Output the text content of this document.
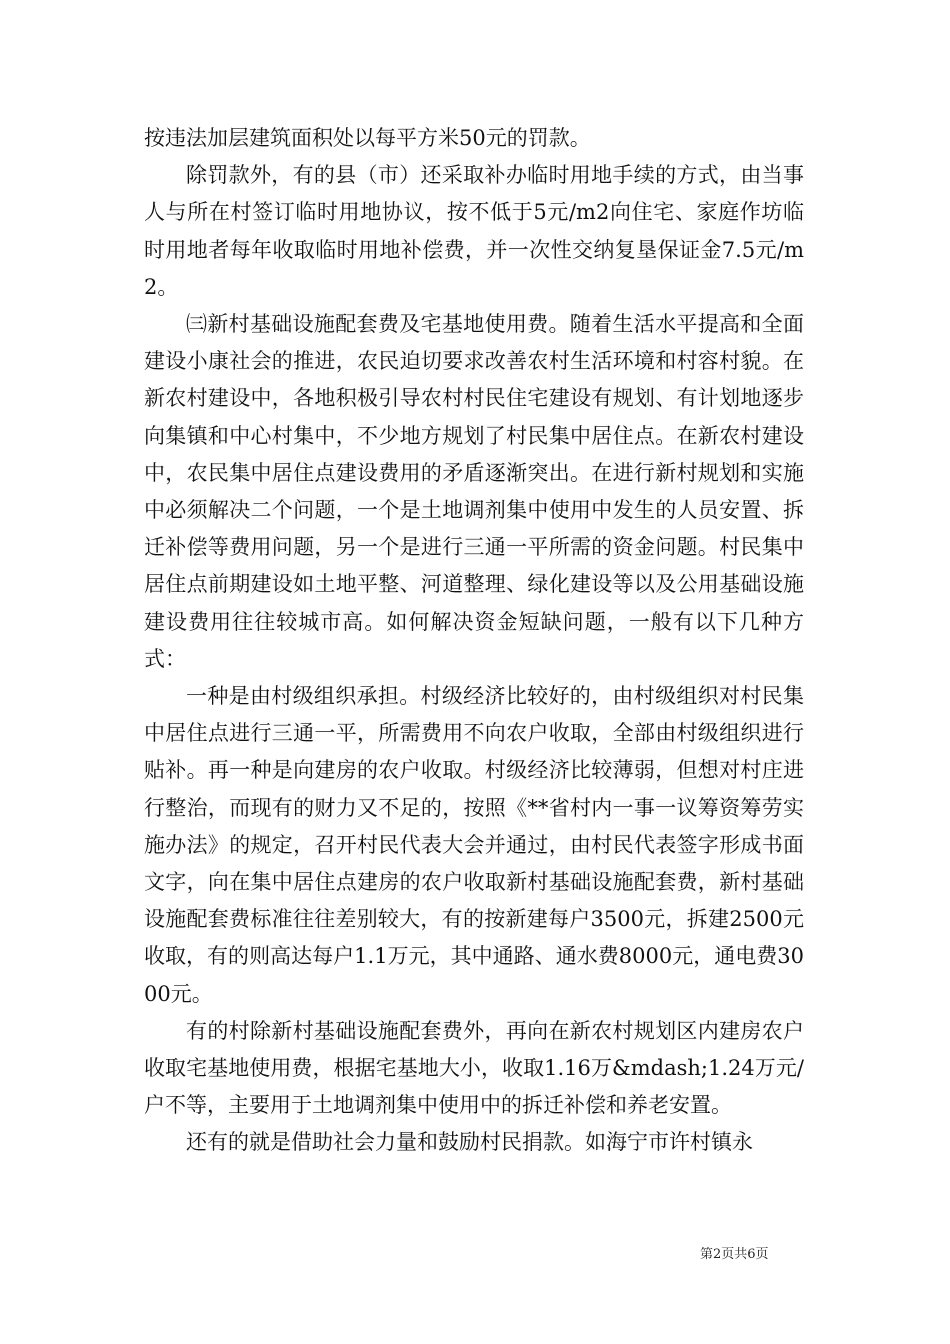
按违法加层建筑面积处以每平方米50元的罚款。

除罚款外，有的县（市）还采取补办临时用地手续的方式，由当事人与所在村签订临时用地协议，按不低于5元/m2向住宅、家庭作坊临时用地者每年收取临时用地补偿费，并一次性交纳复垦保证金7.5元/m2。

㈢新村基础设施配套费及宅基地使用费。随着生活水平提高和全面建设小康社会的推进，农民迫切要求改善农村生活环境和村容村貌。在新农村建设中，各地积极引导农村村民住宅建设有规划、有计划地逐步向集镇和中心村集中，不少地方规划了村民集中居住点。在新农村建设中，农民集中居住点建设费用的矛盾逐渐突出。在进行新村规划和实施中必须解决二个问题，一个是土地调剂集中使用中发生的人员安置、拆迁补偿等费用问题，另一个是进行三通一平所需的资金问题。村民集中居住点前期建设如土地平整、河道整理、绿化建设等以及公用基础设施建设费用往往较城市高。如何解决资金短缺问题，一般有以下几种方式：

一种是由村级组织承担。村级经济比较好的，由村级组织对村民集中居住点进行三通一平，所需费用不向农户收取，全部由村级组织进行贴补。再一种是向建房的农户收取。村级经济比较薄弱，但想对村庄进行整治，而现有的财力又不足的，按照《**省村内一事一议筹资筹劳实施办法》的规定，召开村民代表大会并通过，由村民代表签字形成书面文字，向在集中居住点建房的农户收取新村基础设施配套费，新村基础设施配套费标准往往差别较大，有的按新建每户3500元，拆建2500元收取，有的则高达每户1.1万元，其中通路、通水费8000元，通电费3000元。

有的村除新村基础设施配套费外，再向在新农村规划区内建房农户收取宅基地使用费，根据宅基地大小，收取1.16万&mdash;1.24万元/户不等，主要用于土地调剂集中使用中的拆迁补偿和养老安置。

还有的就是借助社会力量和鼓励村民捐款。如海宁市许村镇永

第2页共6页
